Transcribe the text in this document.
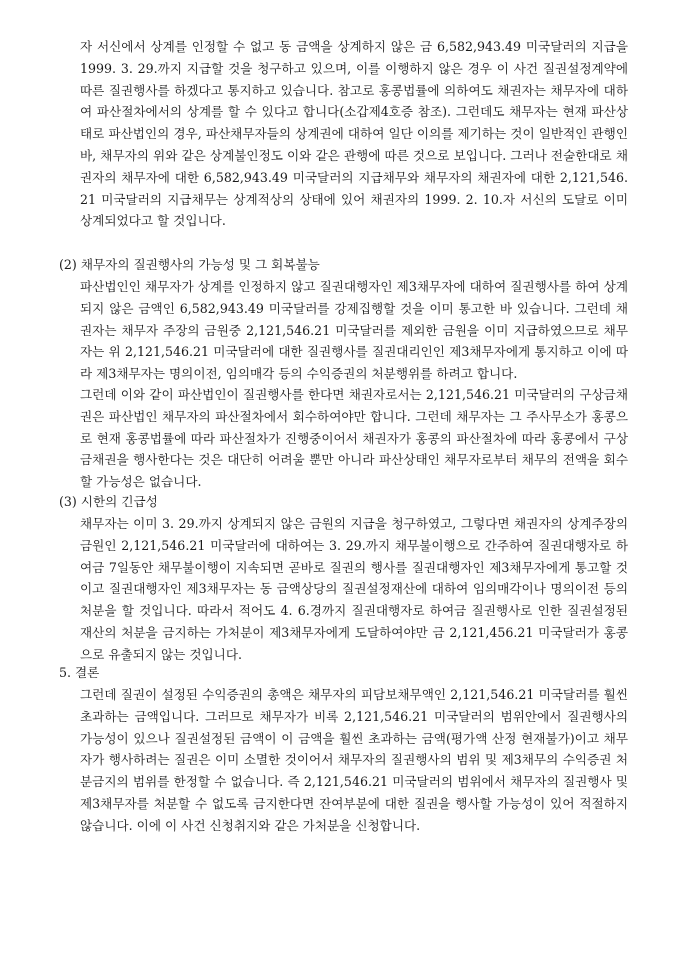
자 서신에서 상계를 인정할 수 없고 동 금액을 상계하지 않은 금 6,582,943.49 미국달러의 지급을 1999. 3. 29.까지 지급할 것을 청구하고 있으며, 이를 이행하지 않은 경우 이 사건 질권설정계약에 따른 질권행사를 하겠다고 통지하고 있습니다. 참고로 홍콩법률에 의하여도 채권자는 채무자에 대하여 파산절차에서의 상계를 할 수 있다고 합니다(소갑제4호증 참조). 그런데도 채무자는 현재 파산상태로 파산법인의 경우, 파산채무자들의 상계권에 대하여 일단 이의를 제기하는 것이 일반적인 관행인 바, 채무자의 위와 같은 상계불인정도 이와 같은 관행에 따른 것으로 보입니다. 그러나 전술한대로 채권자의 채무자에 대한 6,582,943.49 미국달러의 지급채무와 채무자의 채권자에 대한 2,121,546.21 미국달러의 지급채무는 상계적상의 상태에 있어 채권자의 1999. 2. 10.자 서신의 도달로 이미 상계되었다고 할 것입니다.

(2) 채무자의 질권행사의 가능성 및 그 회복불능

파산법인인 채무자가 상계를 인정하지 않고 질권대행자인 제3채무자에 대하여 질권행사를 하여 상계되지 않은 금액인 6,582,943.49 미국달러를 강제집행할 것을 이미 통고한 바 있습니다. 그런데 채권자는 채무자 주장의 금원중 2,121,546.21 미국달러를 제외한 금원을 이미 지급하였으므로 채무자는 위 2,121,546.21 미국달러에 대한 질권행사를 질권대리인인 제3채무자에게 통지하고 이에 따라 제3채무자는 명의이전, 임의매각 등의 수익증권의 처분행위를 하려고 합니다.

그런데 이와 같이 파산법인이 질권행사를 한다면 채권자로서는 2,121,546.21 미국달러의 구상금채권은 파산법인 채무자의 파산절차에서 회수하여야만 합니다. 그런데 채무자는 그 주사무소가 홍콩으로 현재 홍콩법률에 따라 파산절차가 진행중이어서 채권자가 홍콩의 파산절차에 따라 홍콩에서 구상금채권을 행사한다는 것은 대단히 어려울 뿐만 아니라 파산상태인 채무자로부터 채무의 전액을 회수할 가능성은 없습니다.

(3) 시한의 긴급성

채무자는 이미 3. 29.까지 상계되지 않은 금원의 지급을 청구하였고, 그렇다면 채권자의 상계주장의 금원인 2,121,546.21 미국달러에 대하여는 3. 29.까지 채무불이행으로 간주하여 질권대행자로 하여금 7일동안 채무불이행이 지속되면 곧바로 질권의 행사를 질권대행자인 제3채무자에게 통고할 것이고 질권대행자인 제3채무자는 동 금액상당의 질권설정재산에 대하여 임의매각이나 명의이전 등의 처분을 할 것입니다. 따라서 적어도 4. 6.경까지 질권대행자로 하여금 질권행사로 인한 질권설정된 재산의 처분을 금지하는 가처분이 제3채무자에게 도달하여야만 금 2,121,456.21 미국달러가 홍콩으로 유출되지 않는 것입니다.

5. 결론

그런데 질권이 설정된 수익증권의 총액은 채무자의 피담보채무액인 2,121,546.21 미국달러를 훨씬 초과하는 금액입니다. 그러므로 채무자가 비록 2,121,546.21 미국달러의 범위안에서 질권행사의 가능성이 있으나 질권설정된 금액이 이 금액을 훨씬 초과하는 금액(평가액 산정 현재불가)이고 채무자가 행사하려는 질권은 이미 소멸한 것이어서 채무자의 질권행사의 범위 및 제3채무의 수익증권 처분금지의 범위를 한정할 수 없습니다. 즉 2,121,546.21 미국달러의 범위에서 채무자의 질권행사 및 제3채무자를 처분할 수 없도록 금지한다면 잔여부분에 대한 질권을 행사할 가능성이 있어 적절하지 않습니다. 이에 이 사건 신청취지와 같은 가처분을 신청합니다.
